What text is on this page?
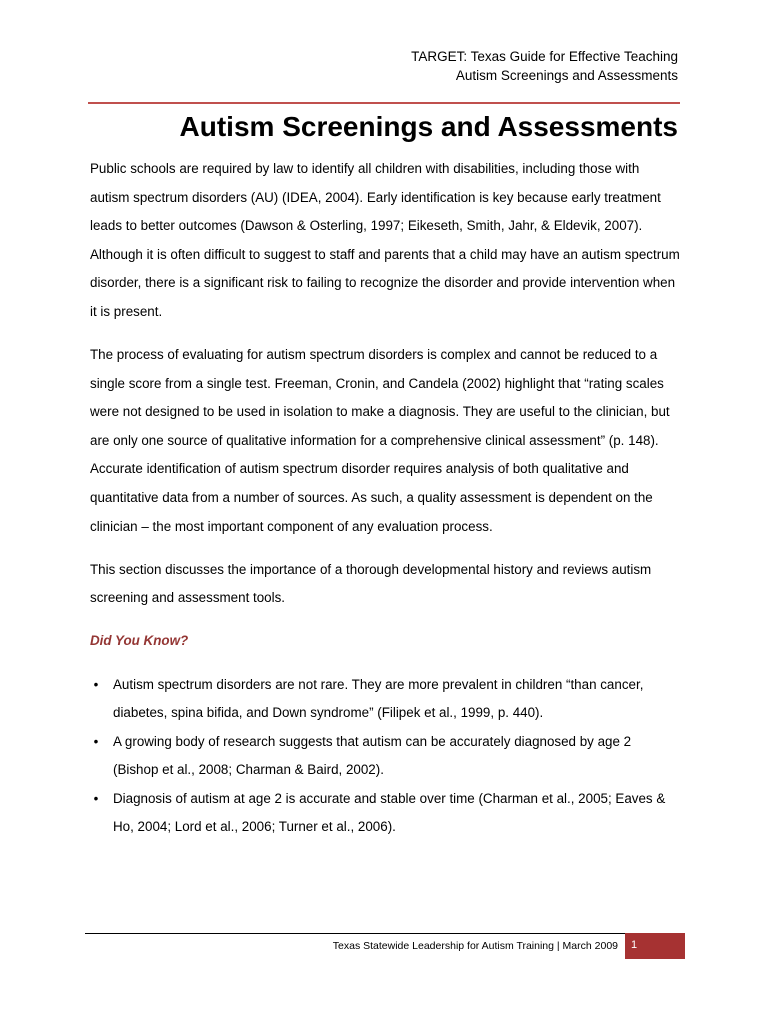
TARGET: Texas Guide for Effective Teaching
Autism Screenings and Assessments
Autism Screenings and Assessments

Public schools are required by law to identify all children with disabilities, including those with autism spectrum disorders (AU) (IDEA, 2004). Early identification is key because early treatment leads to better outcomes (Dawson & Osterling, 1997; Eikeseth, Smith, Jahr, & Eldevik, 2007). Although it is often difficult to suggest to staff and parents that a child may have an autism spectrum disorder, there is a significant risk to failing to recognize the disorder and provide intervention when it is present.

The process of evaluating for autism spectrum disorders is complex and cannot be reduced to a single score from a single test. Freeman, Cronin, and Candela (2002) highlight that “rating scales were not designed to be used in isolation to make a diagnosis. They are useful to the clinician, but are only one source of qualitative information for a comprehensive clinical assessment” (p. 148). Accurate identification of autism spectrum disorder requires analysis of both qualitative and quantitative data from a number of sources. As such, a quality assessment is dependent on the clinician – the most important component of any evaluation process.

This section discusses the importance of a thorough developmental history and reviews autism screening and assessment tools.

Did You Know?
• Autism spectrum disorders are not rare. They are more prevalent in children “than cancer, diabetes, spina bifida, and Down syndrome” (Filipek et al., 1999, p. 440).
• A growing body of research suggests that autism can be accurately diagnosed by age 2 (Bishop et al., 2008; Charman & Baird, 2002).
• Diagnosis of autism at age 2 is accurate and stable over time (Charman et al., 2005; Eaves & Ho, 2004; Lord et al., 2006; Turner et al., 2006).
Texas Statewide Leadership for Autism Training | March 2009	1
